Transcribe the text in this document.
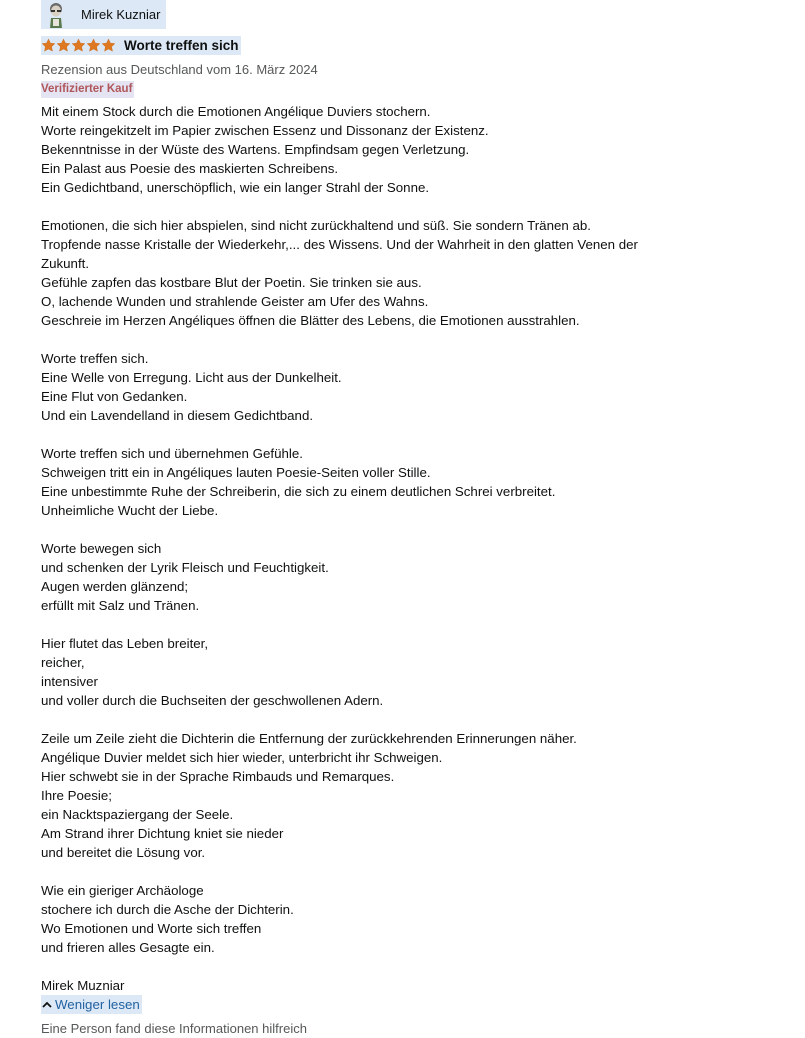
Mirek Kuzniar
Worte treffen sich
Rezension aus Deutschland vom 16. März 2024
Verifizierter Kauf
Mit einem Stock durch die Emotionen Angélique Duviers stochern.
Worte reingekitzelt im Papier zwischen Essenz und Dissonanz der Existenz.
Bekenntnisse in der Wüste des Wartens. Empfindsam gegen Verletzung.
Ein Palast aus Poesie des maskierten Schreibens.
Ein Gedichtband, unerschöpflich, wie ein langer Strahl der Sonne.
Emotionen, die sich hier abspielen, sind nicht zurückhaltend und süß. Sie sondern Tränen ab.
Tropfende nasse Kristalle der Wiederkehr,... des Wissens. Und der Wahrheit in den glatten Venen der Zukunft.
Gefühle zapfen das kostbare Blut der Poetin. Sie trinken sie aus.
O, lachende Wunden und strahlende Geister am Ufer des Wahns.
Geschreie im Herzen Angéliques öffnen die Blätter des Lebens, die Emotionen ausstrahlen.
Worte treffen sich.
Eine Welle von Erregung. Licht aus der Dunkelheit.
Eine Flut von Gedanken.
Und ein Lavendelland in diesem Gedichtband.
Worte treffen sich und übernehmen Gefühle.
Schweigen tritt ein in Angéliques lauten Poesie-Seiten voller Stille.
Eine unbestimmte Ruhe der Schreiberin, die sich zu einem deutlichen Schrei verbreitet.
Unheimliche Wucht der Liebe.
Worte bewegen sich
und schenken der Lyrik Fleisch und Feuchtigkeit.
Augen werden glänzend;
erfüllt mit Salz und Tränen.
Hier flutet das Leben breiter,
reicher,
intensiver
und voller durch die Buchseiten der geschwollenen Adern.
Zeile um Zeile zieht die Dichterin die Entfernung der zurückkehrenden Erinnerungen näher.
Angélique Duvier meldet sich hier wieder, unterbricht ihr Schweigen.
Hier schwebt sie in der Sprache Rimbauds und Remarques.
Ihre Poesie;
ein Nacktspaziergang der Seele.
Am Strand ihrer Dichtung kniet sie nieder
und bereitet die Lösung vor.
Wie ein gieriger Archäologe
stochere ich durch die Asche der Dichterin.
Wo Emotionen und Worte sich treffen
und frieren alles Gesagte ein.
Mirek Muzniar
Weniger lesen
Eine Person fand diese Informationen hilfreich
